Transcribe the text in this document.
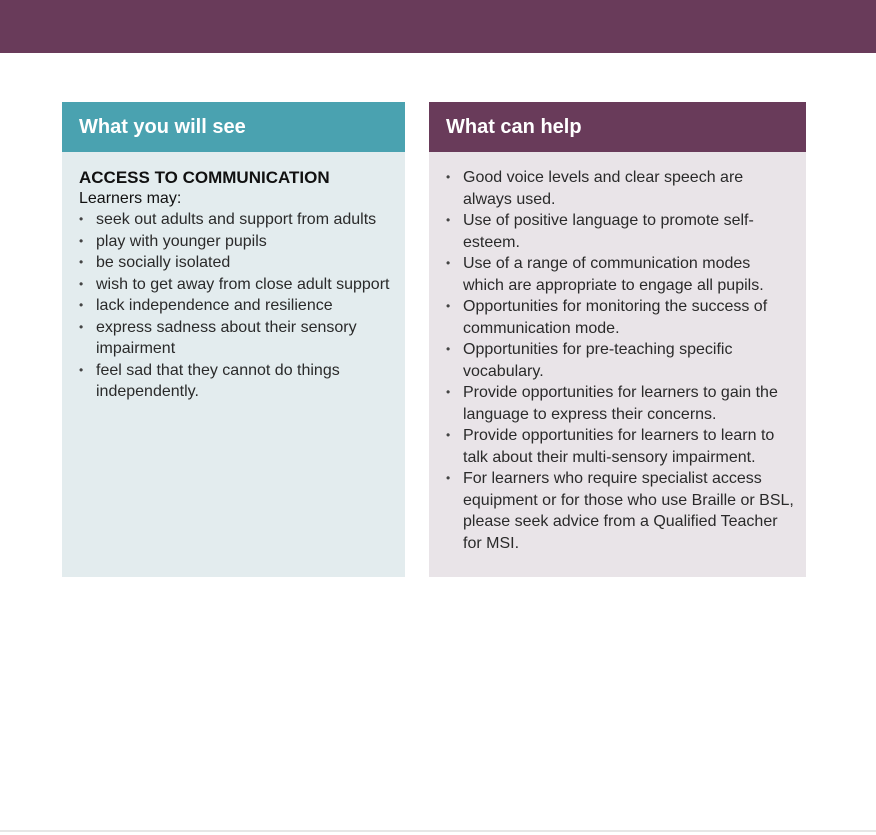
What you will see

ACCESS TO COMMUNICATION

Learners may:

• seek out adults and support from adults
• play with younger pupils
• be socially isolated
• wish to get away from close adult support
• lack independence and resilience
• express sadness about their sensory impairment
• feel sad that they cannot do things independently.
What can help
• Good voice levels and clear speech are always used.
• Use of positive language to promote self-esteem.
• Use of a range of communication modes which are appropriate to engage all pupils.
• Opportunities for monitoring the success of communication mode.
• Opportunities for pre-teaching specific vocabulary.
• Provide opportunities for learners to gain the language to express their concerns.
• Provide opportunities for learners to learn to talk about their multi-sensory impairment.
• For learners who require specialist access equipment or for those who use Braille or BSL, please seek advice from a Qualified Teacher for MSI.
